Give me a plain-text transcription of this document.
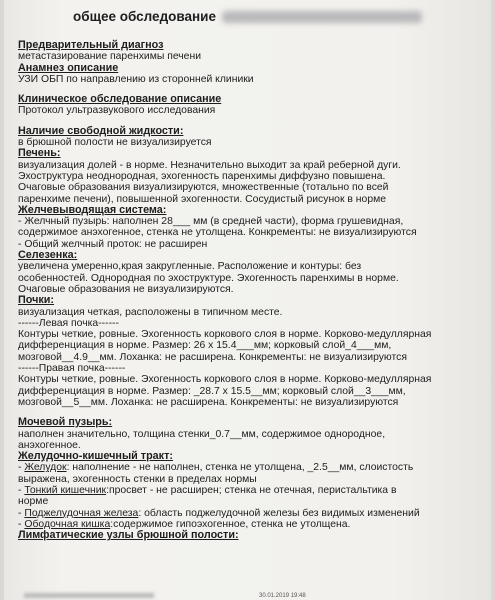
общее обследование
Предварительный диагноз
метастазирование паренхимы печени
Анамнез описание
УЗИ ОБП по направлению из сторонней клиники
Клиническое обследование описание
Протокол ультразвукового исследования
Наличие свободной жидкости:
в брюшной полости не визуализируется
Печень:
визуализация долей - в норме. Незначительно выходит за край реберной дуги.
Эхоструктура неоднородная, эхогенность паренхимы диффузно повышена.
Очаговые образования визуализируются, множественные (тотально по всей
паренхиме печени), повышенной эхогенности. Сосудистый рисунок в норме
Желчевыводящая система:
- Желчный пузырь: наполнен 28___ мм (в средней части), форма грушевидная,
содержимое анэхогенное, стенка не утолщена. Конкременты: не визуализируются
- Общий желчный проток: не расширен
Селезенка:
увеличена умеренно,края закругленные. Расположение и контуры: без
особенностей. Однородная по эхоструктуре. Эхогенность паренхимы в норме.
Очаговые образования не визуализируются.
Почки:
визуализация четкая, расположены в типичном месте.
------Левая почка------
Контуры четкие, ровные. Эхогенность коркового слоя в норме. Корково-медуллярная
дифференциация в норме. Размер: 26 х 15.4___мм; корковый слой_4___мм,
мозговой__4.9__мм. Лоханка: не расширена. Конкременты: не визуализируются
------Правая почка------
Контуры четкие, ровные. Эхогенность коркового слоя в норме. Корково-медуллярная
дифференциация в норме. Размер: _28.7 х 15.5__мм; корковый слой__3___мм,
мозговой__5__мм. Лоханка: не расширена. Конкременты: не визуализируются
Мочевой пузырь:
наполнен значительно, толщина стенки_0.7__мм, содержимое однородное,
анэхогенное.
Желудочно-кишечный тракт:
- Желудок: наполнение - не наполнен, стенка не утолщена, _2.5__мм, слоистость
выражена, эхогенность стенки в пределах нормы
- Тонкий кишечник:просвет - не расширен; стенка не отечная, перистальтика в
норме
- Поджелудочная железа: область поджелудочной железы без видимых изменений
- Ободочная кишка:содержимое гипоэхогенное, стенка не утолщена.
Лимфатические узлы брюшной полости:
30.01.2019 19:48
